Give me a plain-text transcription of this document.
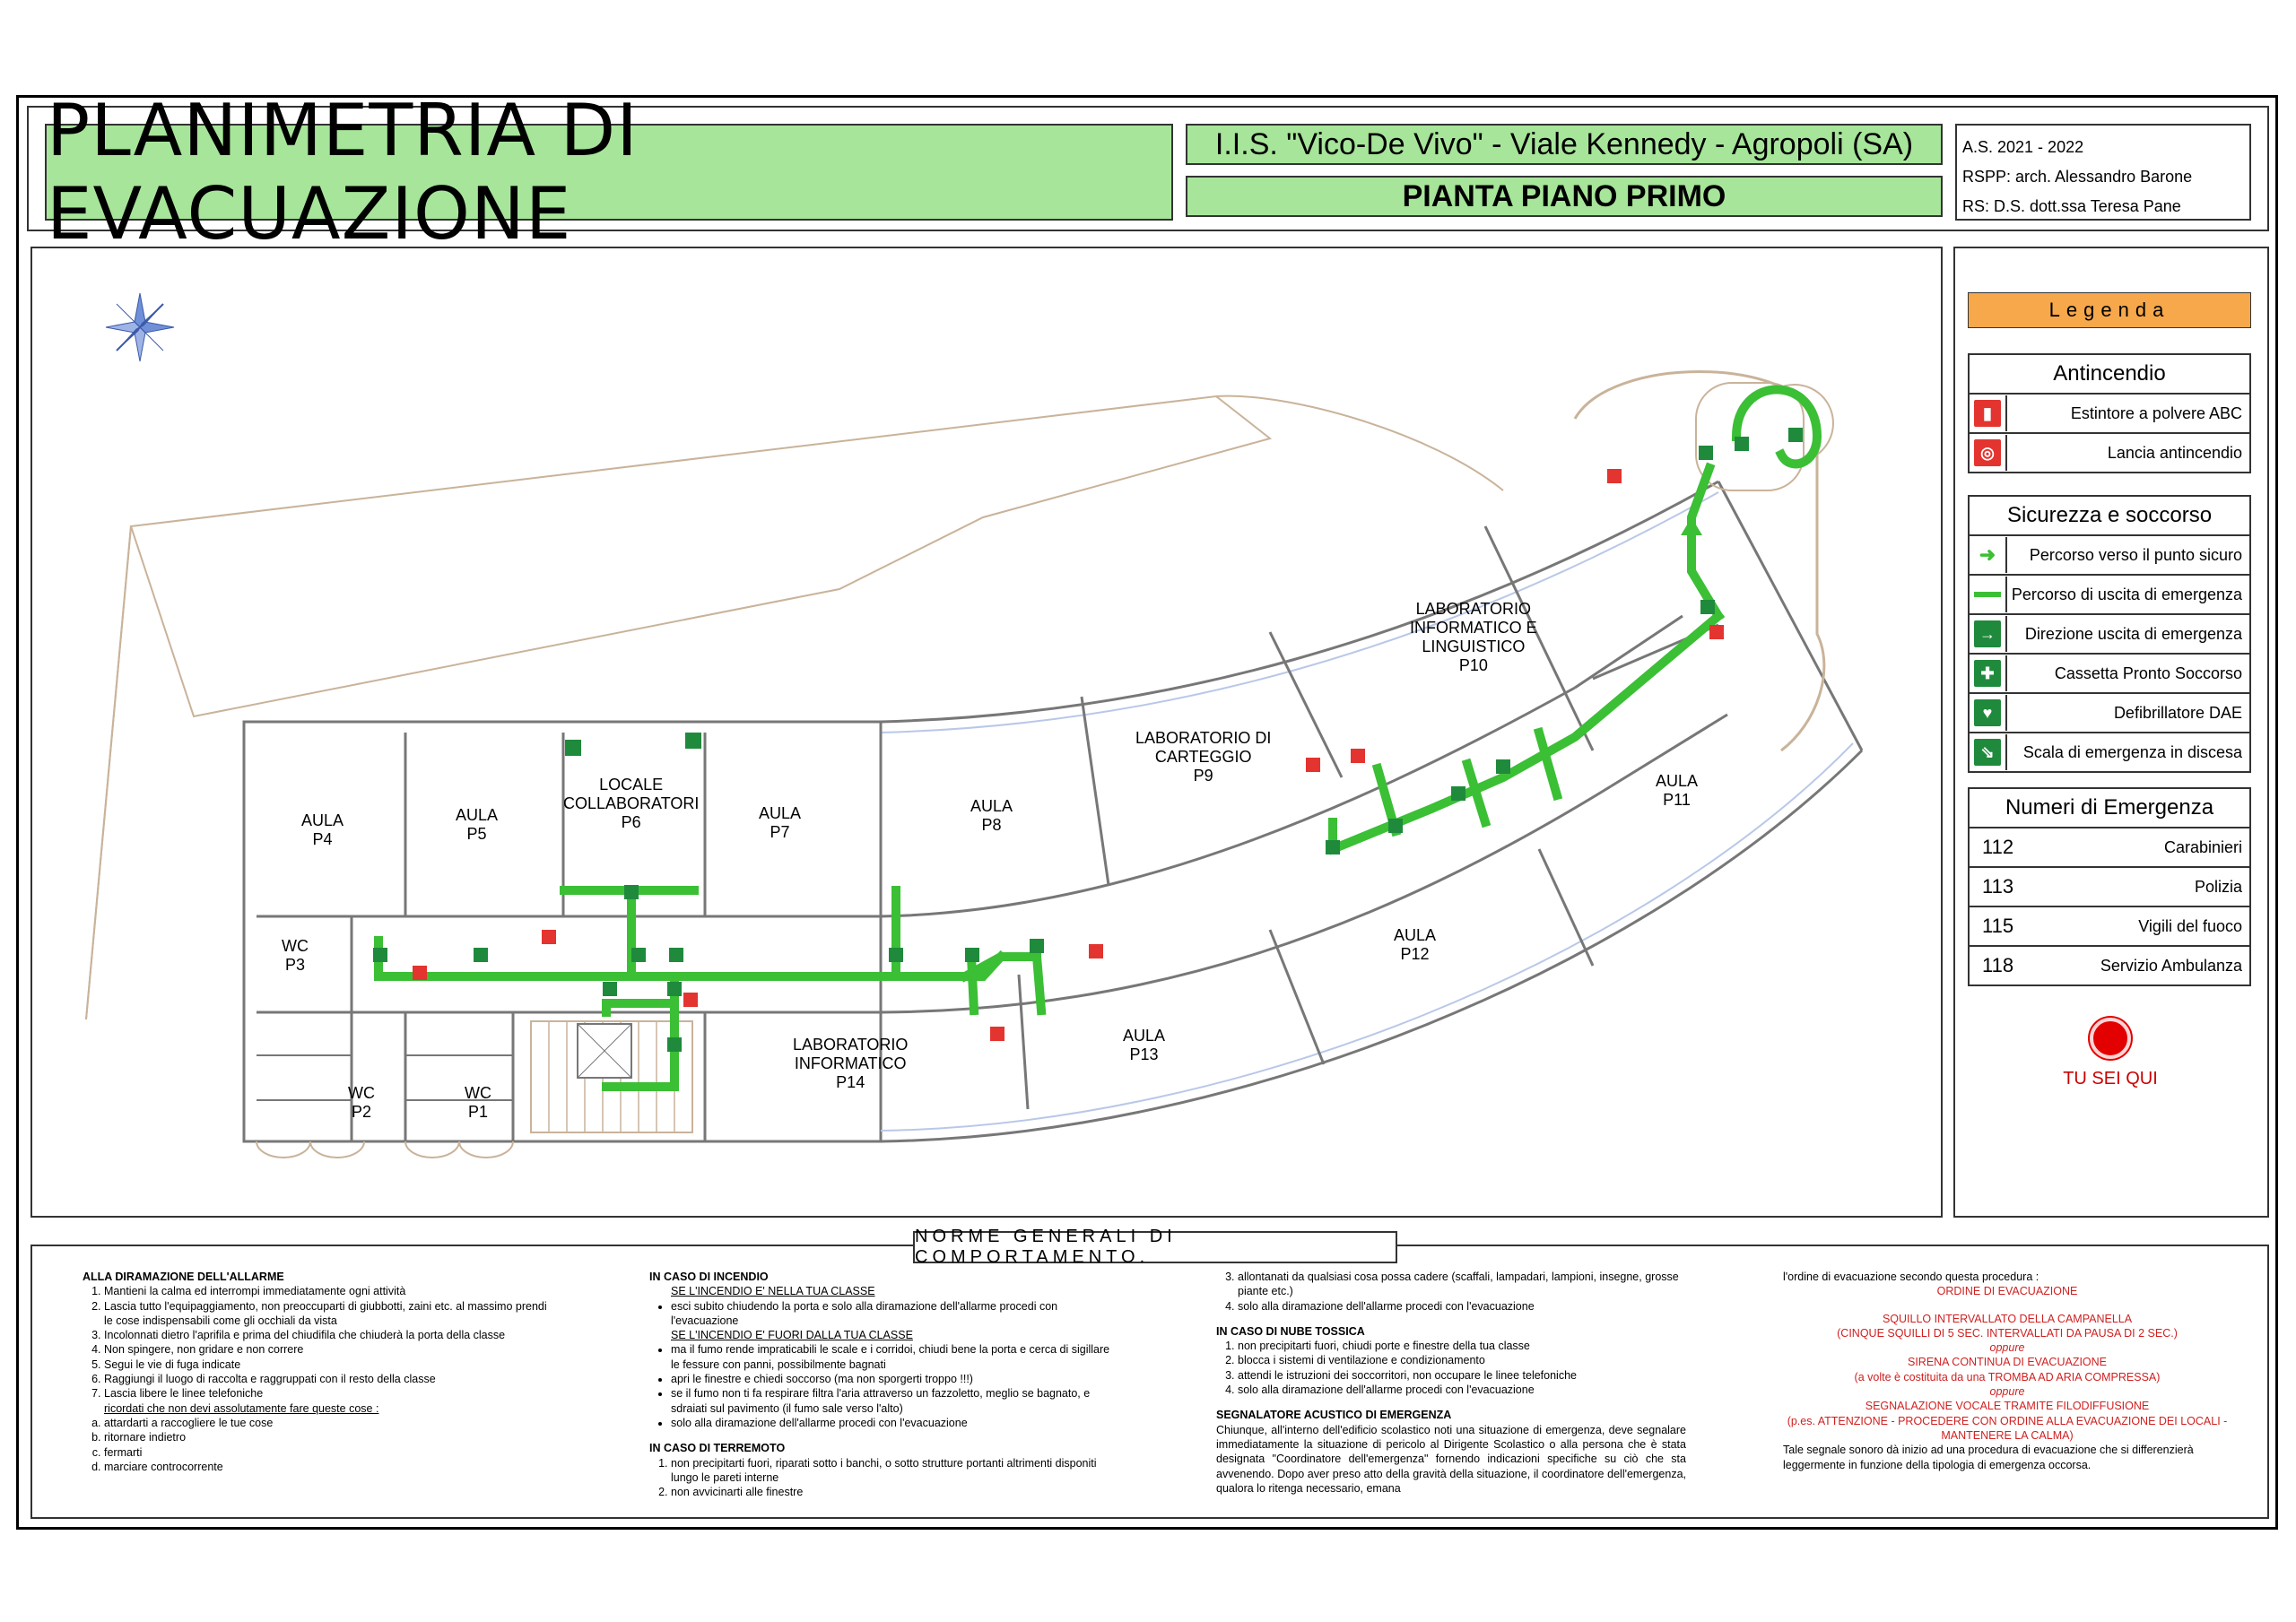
PLANIMETRIA DI EVACUAZIONE
I.I.S. "Vico-De Vivo" - Viale Kennedy - Agropoli (SA)
PIANTA PIANO PRIMO
A.S. 2021 - 2022
RSPP: arch. Alessandro Barone
RS: D.S. dott.ssa Teresa Pane
AULA
P4
AULA
P5
LOCALE
COLLABORATORI
P6	AULA
P7
AULA
P8
LABORATORIO DI
CARTEGGIO
P9
LABORATORIO
INFORMATICO E
LINGUISTICO
P10
AULA
P11
AULA
P12
AULA
P13
LABORATORIO
INFORMATICO
P14
WC
P3
WC
P2
WC
P1
Legenda
Antincendio
▮	Estintore a polvere ABC
◎	Lancia antincendio
Sicurezza e soccorso
➜	Percorso verso il punto sicuro
Percorso di uscita di emergenza
→	Direzione uscita di emergenza
✚	Cassetta Pronto Soccorso
♥	Defibrillatore DAE
⇘	Scala di emergenza in discesa
Numeri di Emergenza
112	Carabinieri
113	Polizia
115	Vigili del fuoco
118	Servizio Ambulanza
TU SEI QUI
NORME GENERALI DI COMPORTAMENTO.
ALLA DIRAMAZIONE DELL'ALLARME
1. Mantieni la calma ed interrompi immediatamente ogni attività
2. Lascia tutto l'equipaggiamento, non preoccuparti di giubbotti, zaini etc. al massimo prendi le cose indispensabili come gli occhiali da vista
3. Incolonnati dietro l'aprifila e prima del chiudifila che chiuderà la porta della classe
4. Non spingere, non gridare e non correre
5. Segui le vie di fuga indicate
6. Raggiungi il luogo di raccolta e raggruppati con il resto della classe
7. Lascia libere le linee telefoniche
ricordati che non devi assolutamente fare queste cose :
a. attardarti a raccogliere le tue cose
b. ritornare indietro
c. fermarti
d. marciare controcorrente
IN CASO DI INCENDIO
SE L'INCENDIO E' NELLA TUA CLASSE
• esci subito chiudendo la porta e solo alla diramazione dell'allarme procedi con l'evacuazione
SE L'INCENDIO E' FUORI DALLA TUA CLASSE
• ma il fumo rende impraticabili le scale e i corridoi, chiudi bene la porta e cerca di sigillare le fessure con panni, possibilmente bagnati
• apri le finestre e chiedi soccorso (ma non sporgerti troppo !!!)
• se il fumo non ti fa respirare filtra l'aria attraverso un fazzoletto, meglio se bagnato, e sdraiati sul pavimento (il fumo sale verso l'alto)
• solo alla diramazione dell'allarme procedi con l'evacuazione
IN CASO DI TERREMOTO
1. non precipitarti fuori, riparati sotto i banchi, o sotto strutture portanti altrimenti disponiti lungo le pareti interne
2. non avvicinarti alle finestre
3. allontanati da qualsiasi cosa possa cadere (scaffali, lampadari, lampioni, insegne, grosse piante etc.)
4. solo alla diramazione dell'allarme procedi con l'evacuazione
IN CASO DI NUBE TOSSICA
1. non precipitarti fuori, chiudi porte e finestre della tua classe
2. blocca i sistemi di ventilazione e condizionamento
3. attendi le istruzioni dei soccorritori, non occupare le linee telefoniche
4. solo alla diramazione dell'allarme procedi con l'evacuazione
SEGNALATORE ACUSTICO DI EMERGENZA

Chiunque, all'interno dell'edificio scolastico noti una situazione di emergenza, deve segnalare immediatamente la situazione di pericolo al Dirigente Scolastico o alla persona che è stata designata "Coordinatore dell'emergenza" fornendo indicazioni specifiche su ciò che sta avvenendo. Dopo aver preso atto della gravità della situazione, il coordinatore dell'emergenza, qualora lo ritenga necessario, emana

l'ordine di evacuazione secondo questa procedura :

ORDINE DI EVACUAZIONE

SQUILLO INTERVALLATO DELLA CAMPANELLA

(CINQUE SQUILLI DI 5 SEC. INTERVALLATI DA PAUSA DI 2 SEC.)

oppure

SIRENA CONTINUA DI EVACUAZIONE

(a volte è costituita da una TROMBA AD ARIA COMPRESSA)

oppure

SEGNALAZIONE VOCALE TRAMITE FILODIFFUSIONE

(p.es. ATTENZIONE - PROCEDERE CON ORDINE ALLA EVACUAZIONE DEI LOCALI - MANTENERE LA CALMA)

Tale segnale sonoro dà inizio ad una procedura di evacuazione che si differenzierà leggermente in funzione della tipologia di emergenza occorsa.
